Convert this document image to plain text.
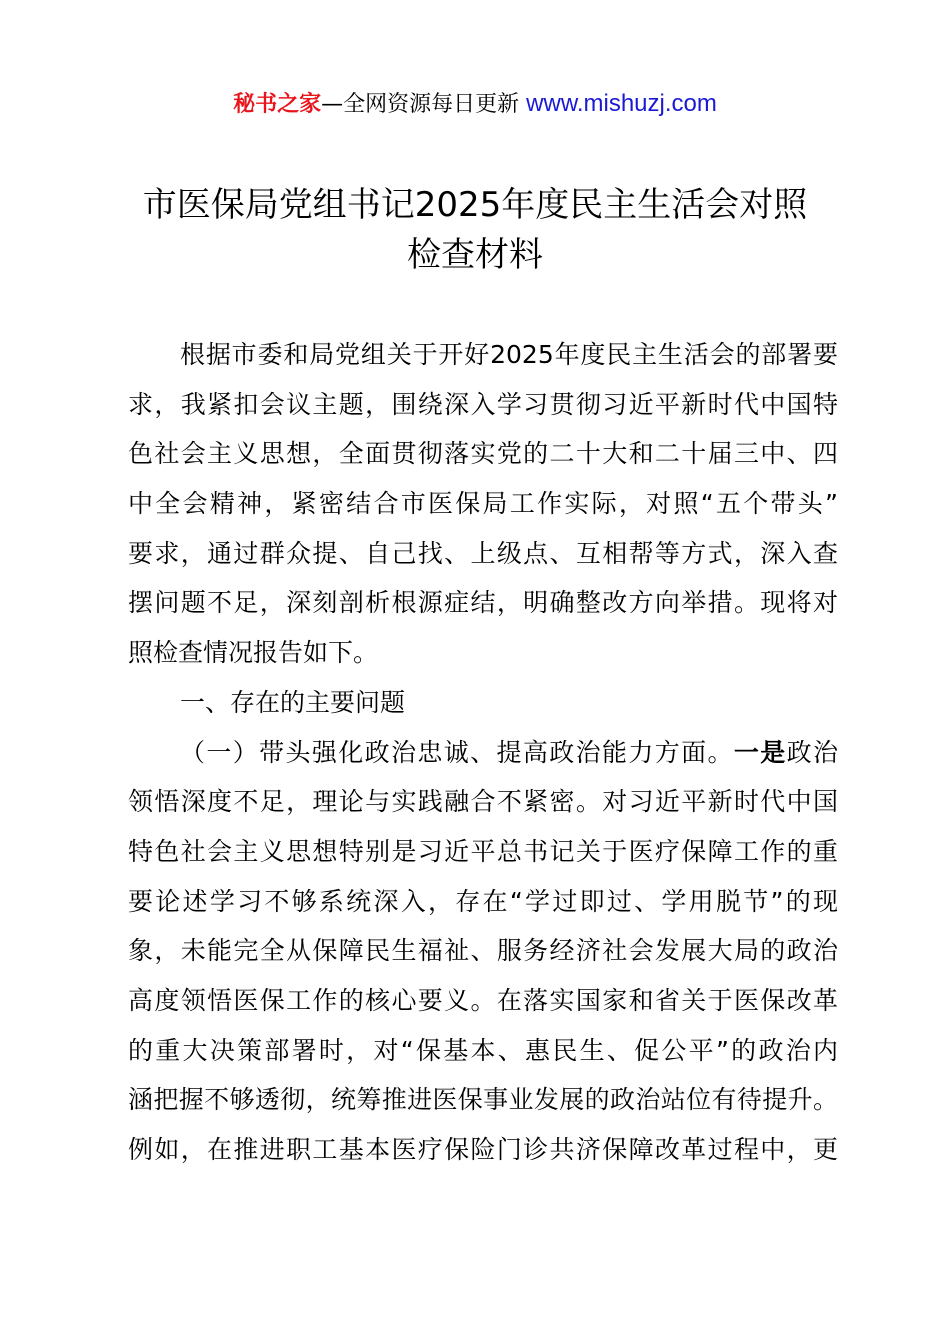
秘书之家—全网资源每日更新 www.mishuzj.com
市医保局党组书记2025年度民主生活会对照
检查材料
根据市委和局党组关于开好2025年度民主生活会的部署要
求，我紧扣会议主题，围绕深入学习贯彻习近平新时代中国特
色社会主义思想，全面贯彻落实党的二十大和二十届三中、四
中全会精神，紧密结合市医保局工作实际，对照“五个带头”
要求，通过群众提、自己找、上级点、互相帮等方式，深入查
摆问题不足，深刻剖析根源症结，明确整改方向举措。现将对
照检查情况报告如下。
一、存在的主要问题
（一）带头强化政治忠诚、提高政治能力方面。一是政治
领悟深度不足，理论与实践融合不紧密。对习近平新时代中国
特色社会主义思想特别是习近平总书记关于医疗保障工作的重
要论述学习不够系统深入，存在“学过即过、学用脱节”的现
象，未能完全从保障民生福祉、服务经济社会发展大局的政治
高度领悟医保工作的核心要义。在落实国家和省关于医保改革
的重大决策部署时，对“保基本、惠民生、促公平”的政治内
涵把握不够透彻，统筹推进医保事业发展的政治站位有待提升。
例如，在推进职工基本医疗保险门诊共济保障改革过程中，更
